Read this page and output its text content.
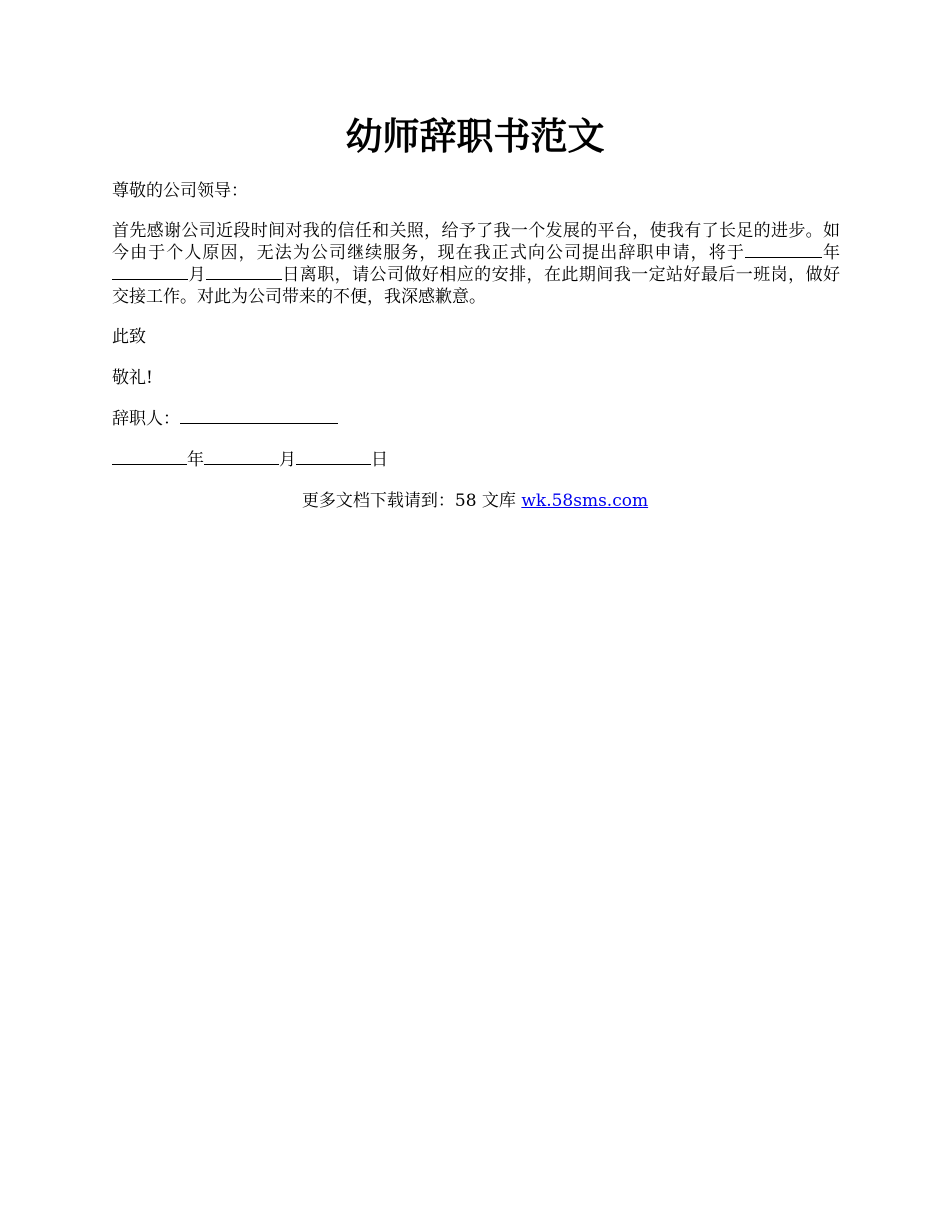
幼师辞职书范文

尊敬的公司领导：

首先感谢公司近段时间对我的信任和关照，给予了我一个发展的平台，使我有了长足的进步。如今由于个人原因，无法为公司继续服务，现在我正式向公司提出辞职申请，将于	年月	日离职，请公司做好相应的安排，在此期间我一定站好最后一班岗，做好交接工作。对此为公司带来的不便，我深感歉意。

此致

敬礼!

辞职人：

年	月	日

更多文档下载请到：58 文库 wk.58sms.com
